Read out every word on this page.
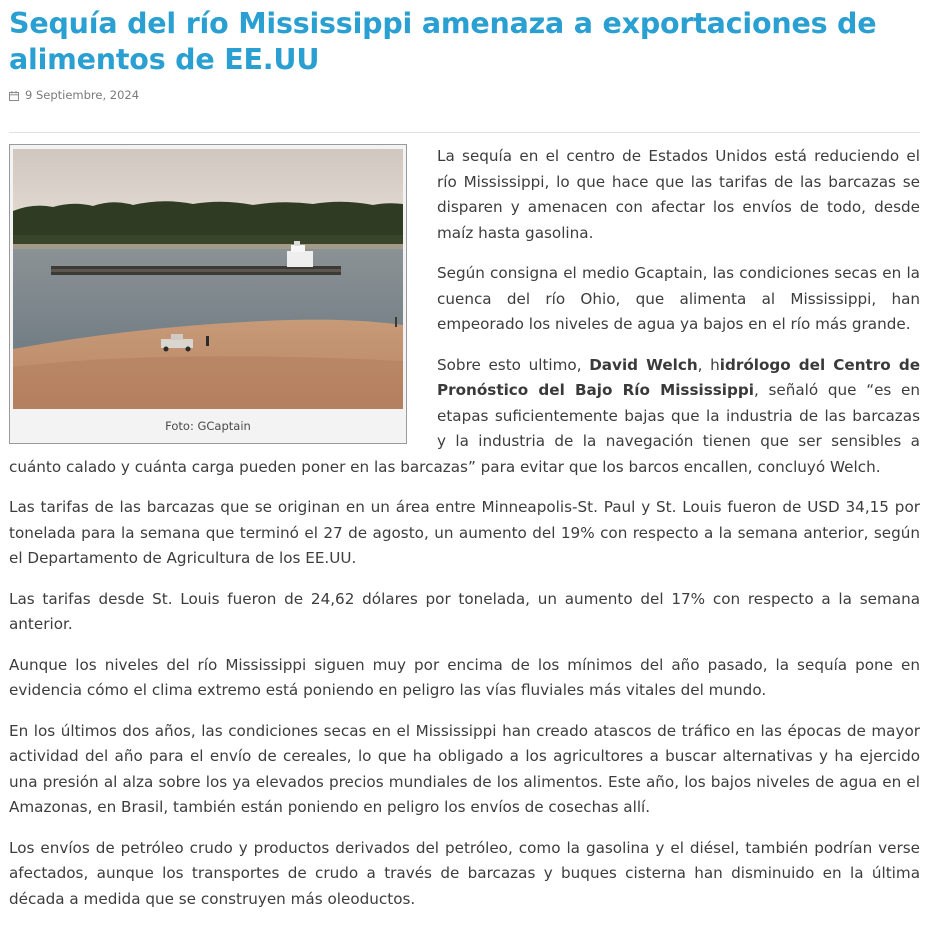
Sequía del río Mississippi amenaza a exportaciones de alimentos de EE.UU
9 Septiembre, 2024
Foto: GCaptain

La sequía en el centro de Estados Unidos está reduciendo el río Mississippi, lo que hace que las tarifas de las barcazas se disparen y amenacen con afectar los envíos de todo, desde maíz hasta gasolina.

Según consigna el medio Gcaptain, las condiciones secas en la cuenca del río Ohio, que alimenta al Mississippi, han empeorado los niveles de agua ya bajos en el río más grande.

Sobre esto ultimo, David Welch, hidrólogo del Centro de Pronóstico del Bajo Río Mississippi, señaló que “es en etapas suficientemente bajas que la industria de las barcazas y la industria de la navegación tienen que ser sensibles a cuánto calado y cuánta carga pueden poner en las barcazas” para evitar que los barcos encallen, concluyó Welch.

Las tarifas de las barcazas que se originan en un área entre Minneapolis-St. Paul y St. Louis fueron de USD 34,15 por tonelada para la semana que terminó el 27 de agosto, un aumento del 19% con respecto a la semana anterior, según el Departamento de Agricultura de los EE.UU.

Las tarifas desde St. Louis fueron de 24,62 dólares por tonelada, un aumento del 17% con respecto a la semana anterior.

Aunque los niveles del río Mississippi siguen muy por encima de los mínimos del año pasado, la sequía pone en evidencia cómo el clima extremo está poniendo en peligro las vías fluviales más vitales del mundo.

En los últimos dos años, las condiciones secas en el Mississippi han creado atascos de tráfico en las épocas de mayor actividad del año para el envío de cereales, lo que ha obligado a los agricultores a buscar alternativas y ha ejercido una presión al alza sobre los ya elevados precios mundiales de los alimentos. Este año, los bajos niveles de agua en el Amazonas, en Brasil, también están poniendo en peligro los envíos de cosechas allí.

Los envíos de petróleo crudo y productos derivados del petróleo, como la gasolina y el diésel, también podrían verse afectados, aunque los transportes de crudo a través de barcazas y buques cisterna han disminuido en la última década a medida que se construyen más oleoductos.
